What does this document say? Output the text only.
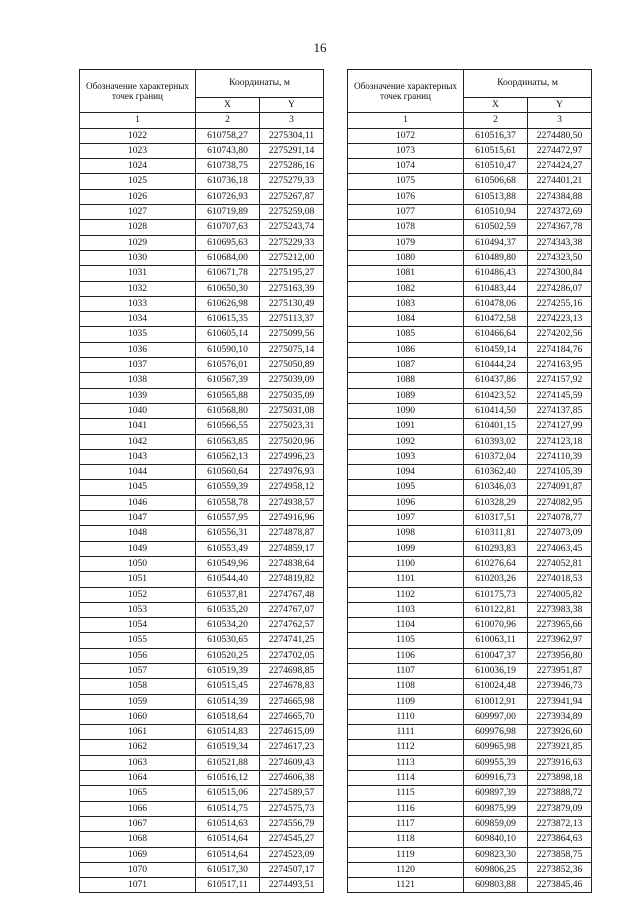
16
Обозначение характерных точек границ	Координаты, м	
	X	Y
1	2	3
1022	610758,27	2275304,11
1023	610743,80	2275291,14
1024	610738,75	2275286,16
1025	610736,18	2275279,33
1026	610726,93	2275267,87
1027	610719,89	2275259,08
1028	610707,63	2275243,74
1029	610695,63	2275229,33
1030	610684,00	2275212,00
1031	610671,78	2275195,27
1032	610650,30	2275163,39
1033	610626,98	2275130,49
1034	610615,35	2275113,37
1035	610605,14	2275099,56
1036	610590,10	2275075,14
1037	610576,01	2275050,89
1038	610567,39	2275039,09
1039	610565,88	2275035,09
1040	610568,80	2275031,08
1041	610566,55	2275023,31
1042	610563,85	2275020,96
1043	610562,13	2274996,23
1044	610560,64	2274976,93
1045	610559,39	2274958,12
1046	610558,78	2274938,57
1047	610557,95	2274916,96
1048	610556,31	2274878,87
1049	610553,49	2274859,17
1050	610549,96	2274838,64
1051	610544,40	2274819,82
1052	610537,81	2274767,48
1053	610535,20	2274767,07
1054	610534,20	2274762,57
1055	610530,65	2274741,25
1056	610520,25	2274702,05
1057	610519,39	2274698,85
1058	610515,45	2274678,83
1059	610514,39	2274665,98
1060	610518,64	2274665,70
1061	610514,83	2274615,09
1062	610519,34	2274617,23
1063	610521,88	2274609,43
1064	610516,12	2274606,38
1065	610515,06	2274589,57
1066	610514,75	2274575,73
1067	610514,63	2274556,79
1068	610514,64	2274545,27
1069	610514,64	2274523,09
1070	610517,30	2274507,17
1071	610517,11	2274493,51
Обозначение характерных точек границ	Координаты, м	
	X	Y
1	2	3
1072	610516,37	2274480,50
1073	610515,61	2274472,97
1074	610510,47	2274424,27
1075	610506,68	2274401,21
1076	610513,88	2274384,88
1077	610510,94	2274372,69
1078	610502,59	2274367,78
1079	610494,37	2274343,38
1080	610489,80	2274323,50
1081	610486,43	2274300,84
1082	610483,44	2274286,07
1083	610478,06	2274255,16
1084	610472,58	2274223,13
1085	610466,64	2274202,56
1086	610459,14	2274184,76
1087	610444,24	2274163,95
1088	610437,86	2274157,92
1089	610423,52	2274145,59
1090	610414,50	2274137,85
1091	610401,15	2274127,99
1092	610393,02	2274123,18
1093	610372,04	2274110,39
1094	610362,40	2274105,39
1095	610346,03	2274091,87
1096	610328,29	2274082,95
1097	610317,51	2274078,77
1098	610311,81	2274073,09
1099	610293,83	2274063,45
1100	610276,64	2274052,81
1101	610203,26	2274018,53
1102	610175,73	2274005,82
1103	610122,81	2273983,38
1104	610070,96	2273965,66
1105	610063,11	2273962,97
1106	610047,37	2273956,80
1107	610036,19	2273951,87
1108	610024,48	2273946,73
1109	610012,91	2273941,94
1110	609997,00	2273934,89
1111	609976,98	2273926,60
1112	609965,98	2273921,85
1113	609955,39	2273916,63
1114	609916,73	2273898,18
1115	609897,39	2273888,72
1116	609875,99	2273879,09
1117	609859,09	2273872,13
1118	609840,10	2273864,63
1119	609823,30	2273858,75
1120	609806,25	2273852,36
1121	609803,88	2273845,46
